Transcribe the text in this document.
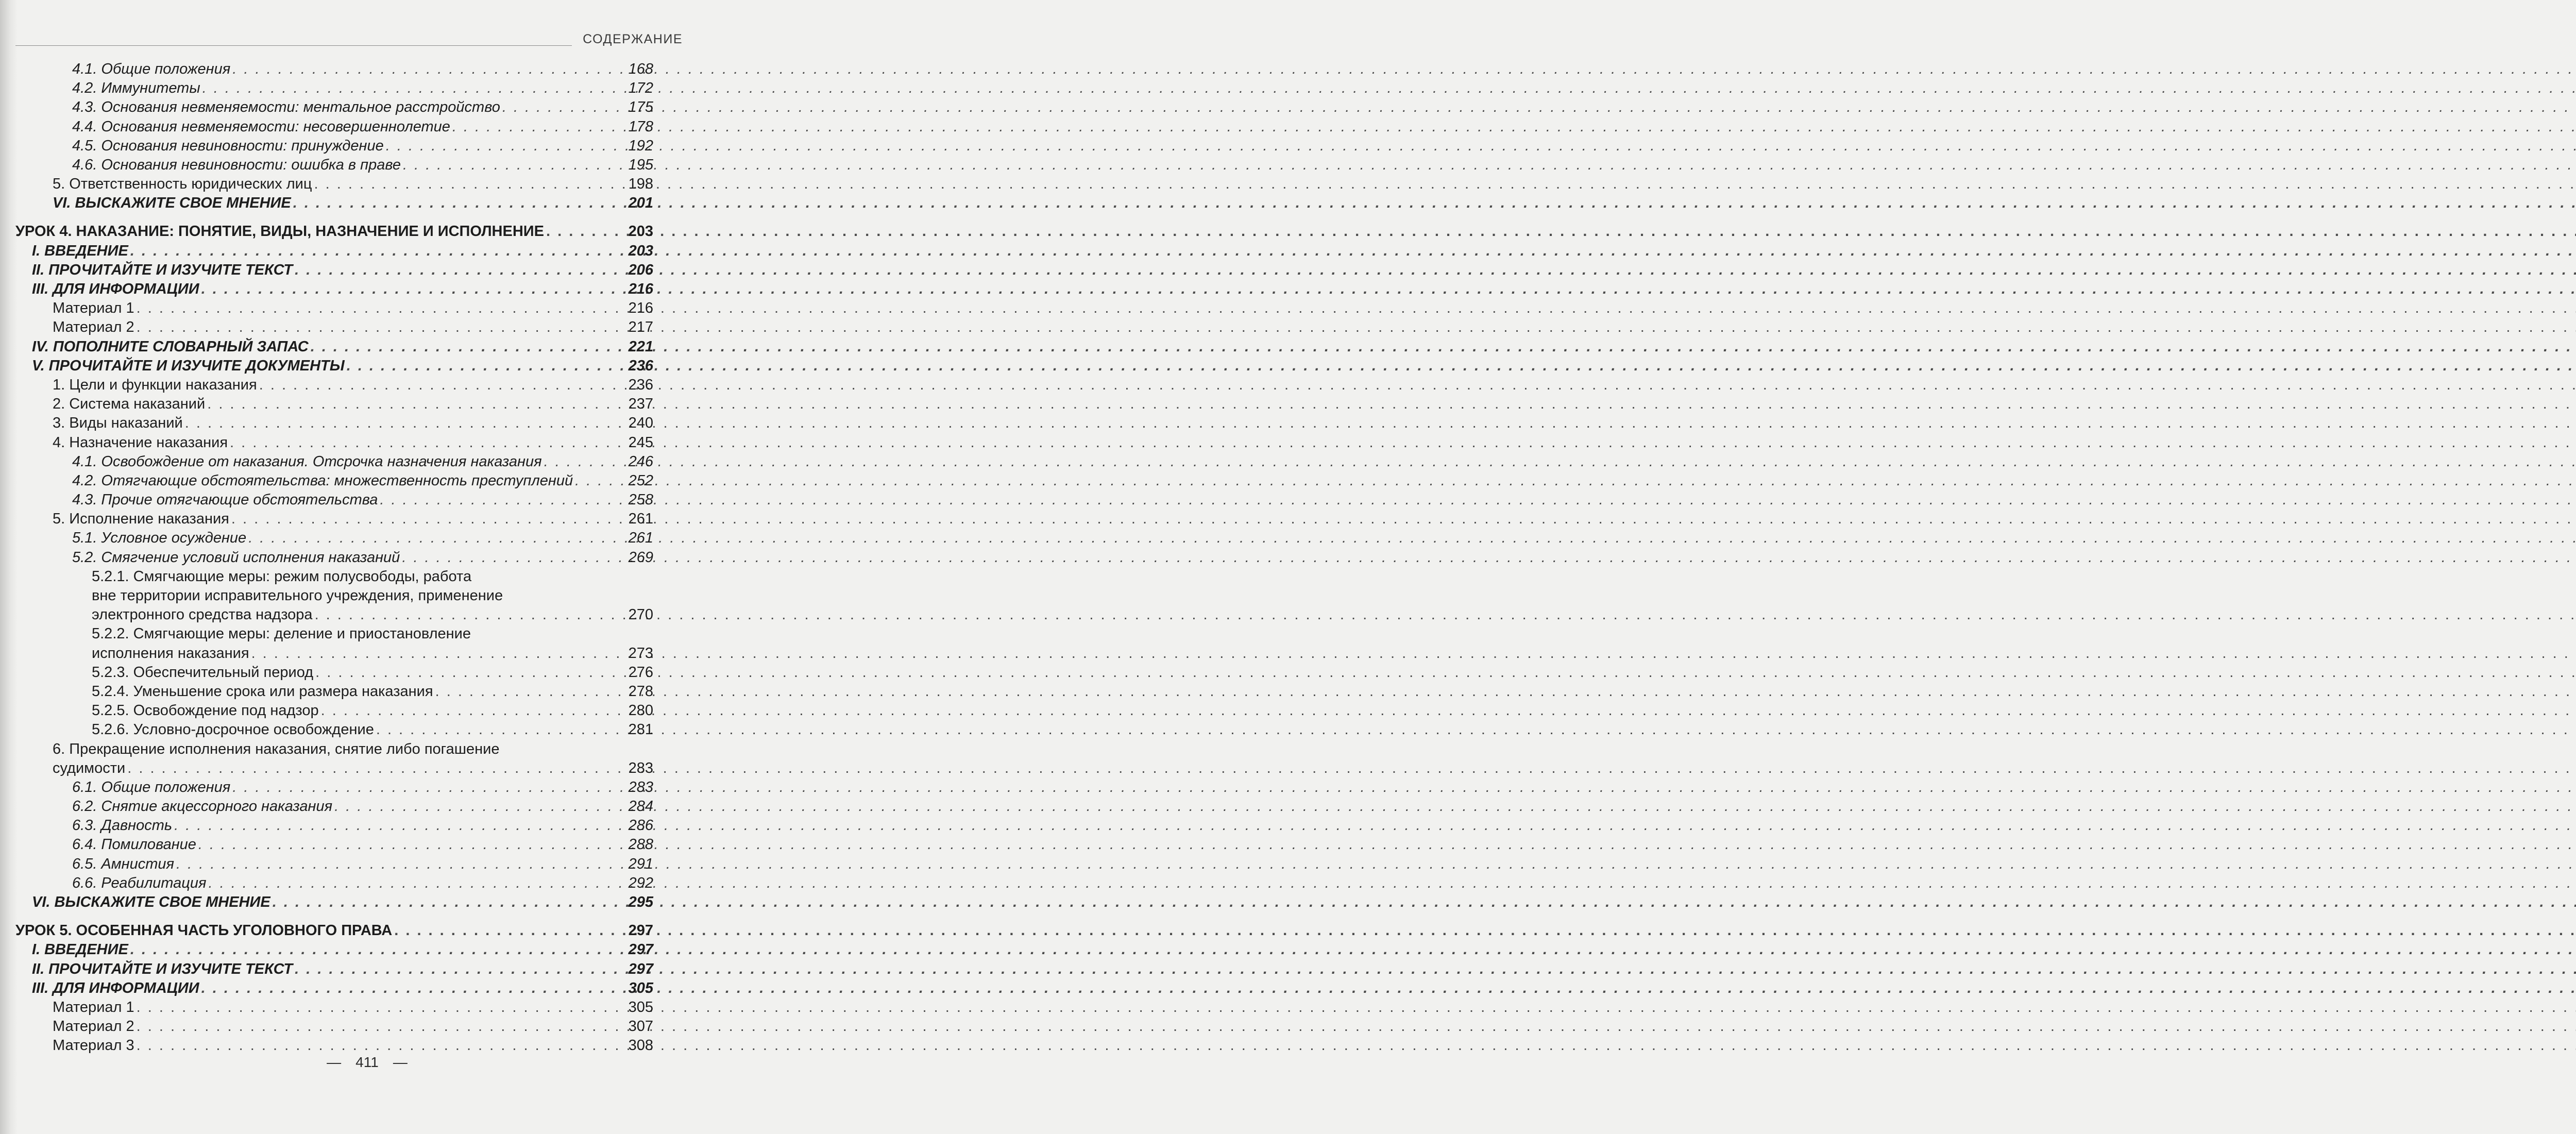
СОДЕРЖАНИЕ
4.1. Общие положения . . .	168
4.2. Иммунитеты . . .	172
4.3. Основания невменяемости: ментальное расстройство . . .	175
4.4. Основания невменяемости: несовершеннолетие . . .	178
4.5. Основания невиновности: принуждение . . .	192
4.6. Основания невиновности: ошибка в праве . . .	195
5. Ответственность юридических лиц . . .	198
VI. ВЫСКАЖИТЕ СВОЕ МНЕНИЕ . . .	201
УРОК 4. НАКАЗАНИЕ: ПОНЯТИЕ, ВИДЫ, НАЗНАЧЕНИЕ И ИСПОЛНЕНИЕ . . .	203
I. ВВЕДЕНИЕ . . .	203
II. ПРОЧИТАЙТЕ И ИЗУЧИТЕ ТЕКСТ . . .	206
III. ДЛЯ ИНФОРМАЦИИ . . .	216
Материал 1 . . .	216
Материал 2 . . .	217
IV. ПОПОЛНИТЕ СЛОВАРНЫЙ ЗАПАС . . .	221
V. ПРОЧИТАЙТЕ И ИЗУЧИТЕ ДОКУМЕНТЫ . . .	236
1. Цели и функции наказания . . .	236
2. Система наказаний . . .	237
3. Виды наказаний . . .	240
4. Назначение наказания . . .	245
4.1. Освобождение от наказания. Отсрочка назначения наказания . . .	246
4.2. Отягчающие обстоятельства: множественность преступлений . . .	252
4.3. Прочие отягчающие обстоятельства . . .	258
5. Исполнение наказания . . .	261
5.1. Условное осуждение . . .	261
5.2. Смягчение условий исполнения наказаний . . .	269
5.2.1. Смягчающие меры: режим полусвободы, работа
вне территории исправительного учреждения, применение
электронного средства надзора . . .	270
5.2.2. Смягчающие меры: деление и приостановление
исполнения наказания . . .	273
5.2.3. Обеспечительный период . . .	276
5.2.4. Уменьшение срока или размера наказания . . .	278
5.2.5. Освобождение под надзор . . .	280
5.2.6. Условно-досрочное освобождение . . .	281
6. Прекращение исполнения наказания, снятие либо погашение
судимости . . .	283
6.1. Общие положения . . .	283
6.2. Снятие акцессорного наказания . . .	284
6.3. Давность . . .	286
6.4. Помилование . . .	288
6.5. Амнистия . . .	291
6.6. Реабилитация . . .	292
VI. ВЫСКАЖИТЕ СВОЕ МНЕНИЕ . . .	295
УРОК 5. ОСОБЕННАЯ ЧАСТЬ УГОЛОВНОГО ПРАВА . . .	297
I. ВВЕДЕНИЕ . . .	297
II. ПРОЧИТАЙТЕ И ИЗУЧИТЕ ТЕКСТ . . .	297
III. ДЛЯ ИНФОРМАЦИИ . . .	305
Материал 1 . . .	305
Материал 2 . . .	307
Материал 3 . . .	308
— 411 —
